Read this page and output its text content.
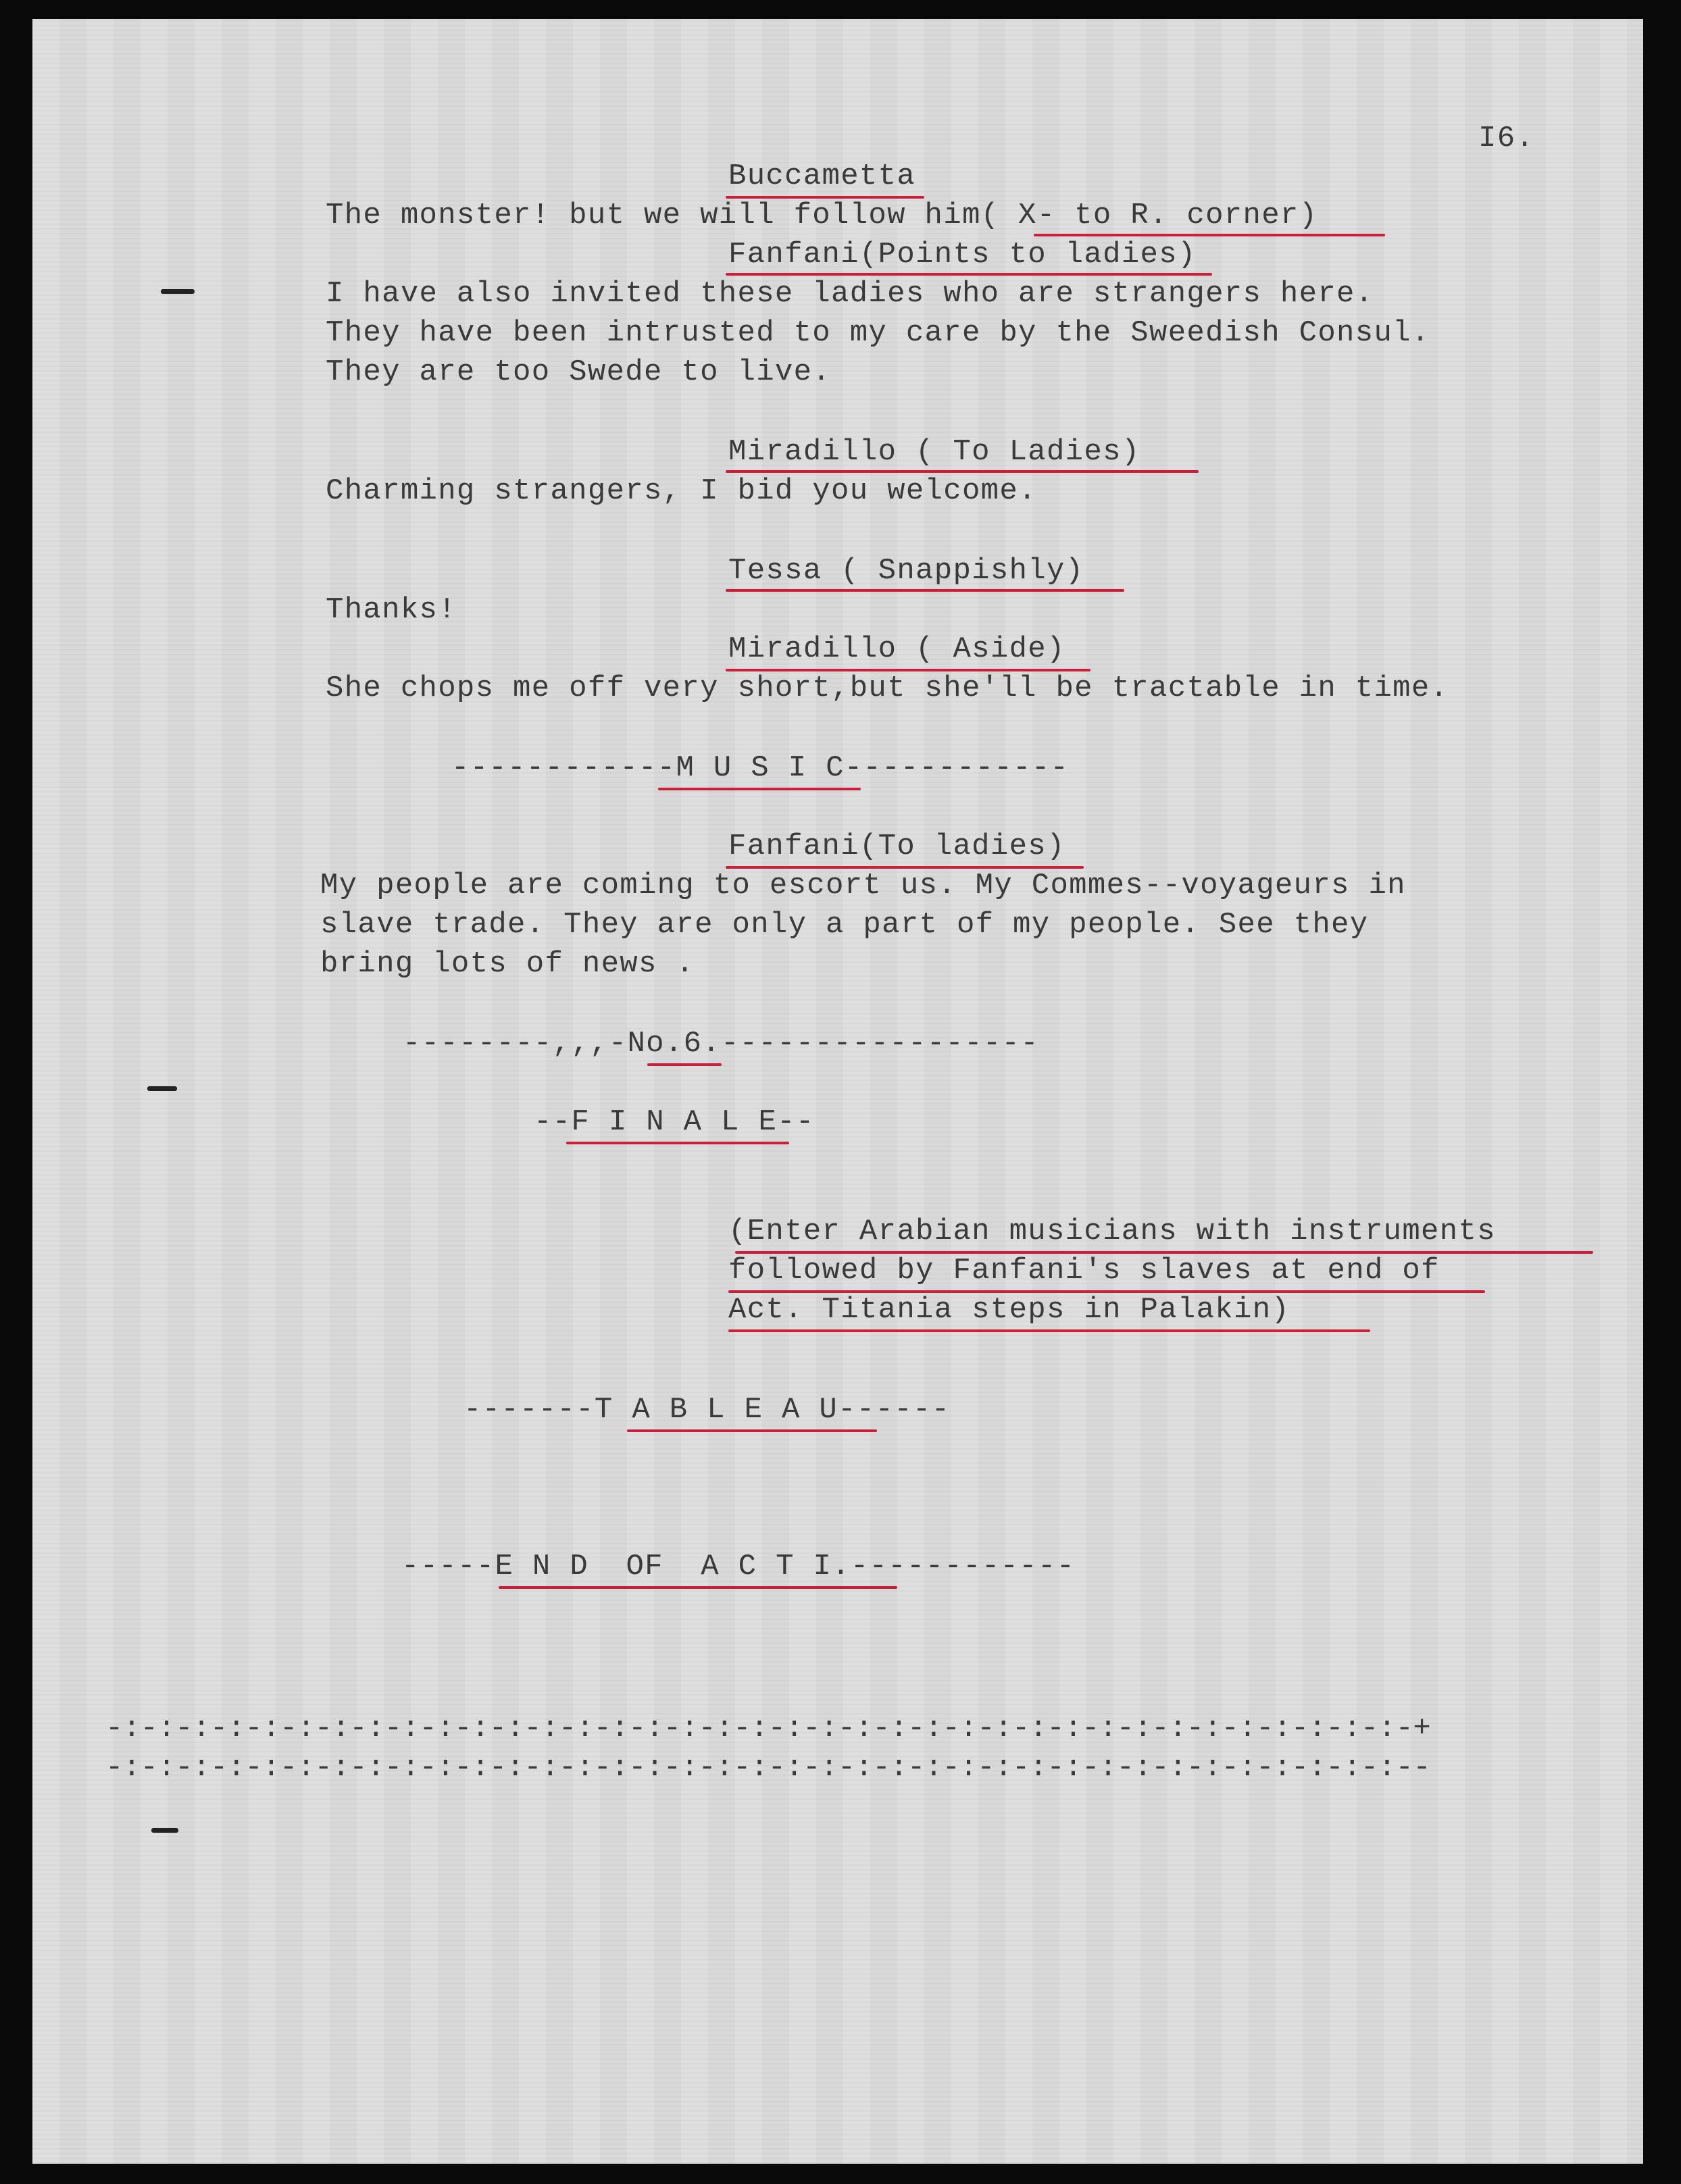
I6.
Buccametta
The monster! but we will follow him( X- to R. corner)
Fanfani(Points to ladies)
I have also invited these ladies who are strangers here.
They have been intrusted to my care by the Sweedish Consul.
They are too Swede to live.
Miradillo ( To Ladies)
Charming strangers, I bid you welcome.
Tessa ( Snappishly)
Thanks!
Miradillo ( Aside)
She chops me off very short,but she'll be tractable in time.
------------M U S I C------------
Fanfani(To ladies)
My people are coming to escort us. My Commes--voyageurs in
slave trade. They are only a part of my people. See they
bring lots of news .
--------,,,-No.6.-----------------
--F I N A L E--
(Enter Arabian musicians with instruments
followed by Fanfani's slaves at end of
Act. Titania steps in Palakin)
-------T A B L E A U------
-----E N D  OF  A C T I.------------
-:-:-:-:-:-:-:-:-:-:-:-:-:-:-:-:-:-:-:-:-:-:-:-:-:-:-:-:-:-:-:-:-:-:-:-:-:-+
-:-:-:-:-:-:-:-:-:-:-:-:-:-:-:-:-:-:-:-:-:-:-:-:-:-:-:-:-:-:-:-:-:-:-:-:-:--
